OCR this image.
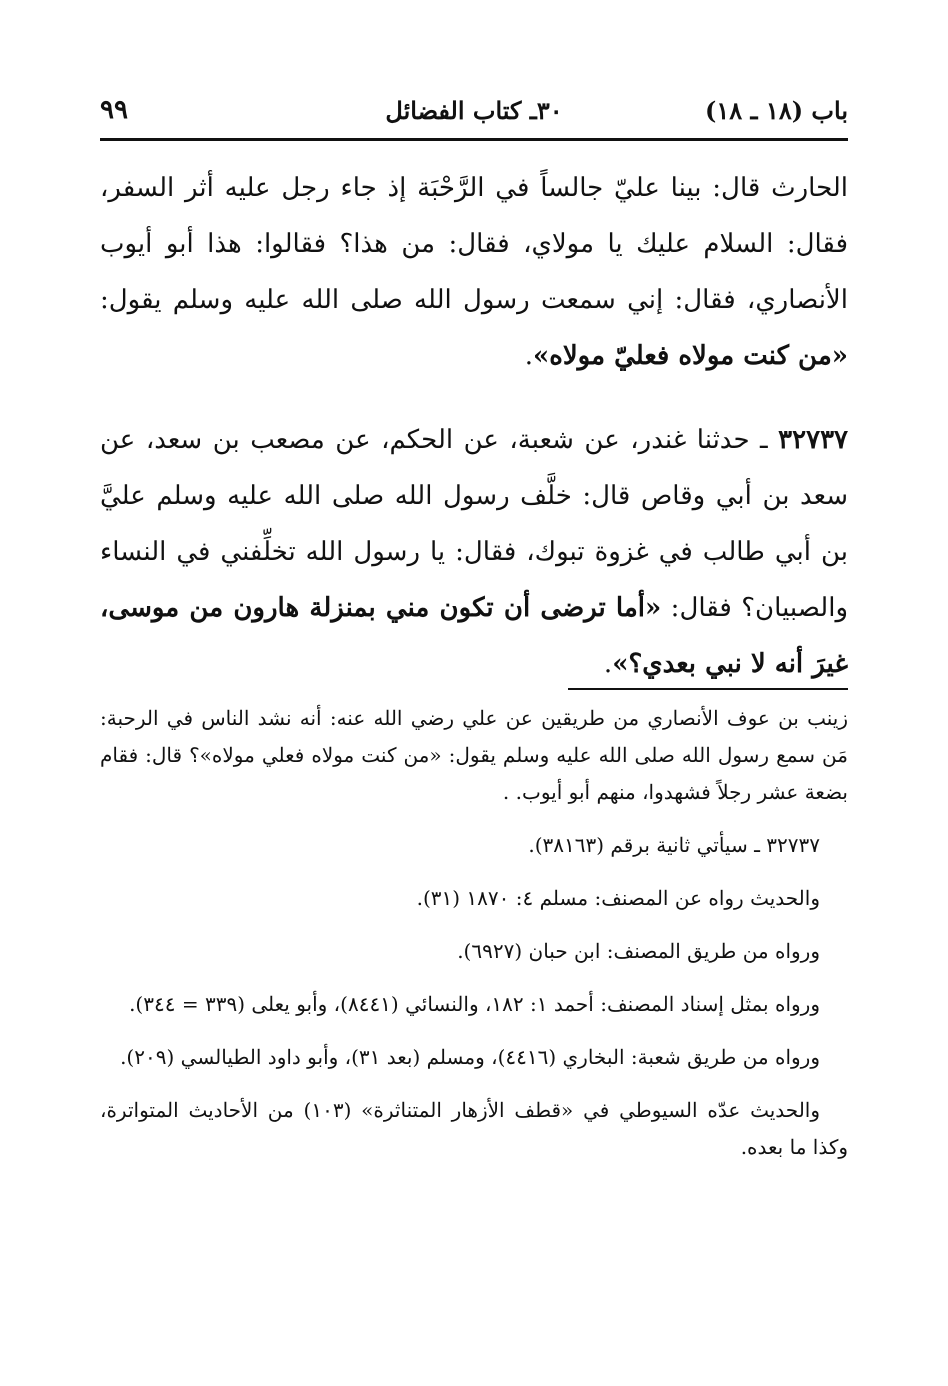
باب (١٨ ـ ١٨)
٣٠ـ كتاب الفضائل
٩٩

الحارث قال: بينا عليّ جالساً في الرَّحْبَة إذ جاء رجل عليه أثر السفر، فقال: السلام عليك يا مولاي، فقال: من هذا؟ فقالوا: هذا أبو أيوب الأنصاري، فقال: إني سمعت رسول الله صلى الله عليه وسلم يقول: «من كنت مولاه فعليّ مولاه».

٣٢٧٣٧ ـ حدثنا غندر، عن شعبة، عن الحكم، عن مصعب بن سعد، عن سعد بن أبي وقاص قال: خلَّف رسول الله صلى الله عليه وسلم عليَّ بن أبي طالب في غزوة تبوك، فقال: يا رسول الله تخلِّفني في النساء والصبيان؟ فقال: «أما ترضى أن تكون مني بمنزلة هارون من موسى، غيرَ أنه لا نبي بعدي؟».

زينب بن عوف الأنصاري من طريقين عن علي رضي الله عنه: أنه نشد الناس في الرحبة: مَن سمع رسول الله صلى الله عليه وسلم يقول: «من كنت مولاه فعلي مولاه»؟ قال: فقام بضعة عشر رجلاً فشهدوا، منهم أبو أيوب. .

٣٢٧٣٧ ـ سيأتي ثانية برقم (٣٨١٦٣).

والحديث رواه عن المصنف: مسلم ٤: ١٨٧٠ (٣١).

ورواه من طريق المصنف: ابن حبان (٦٩٢٧).

ورواه بمثل إسناد المصنف: أحمد ١: ١٨٢، والنسائي (٨٤٤١)، وأبو يعلى (٣٣٩ = ٣٤٤).

ورواه من طريق شعبة: البخاري (٤٤١٦)، ومسلم (بعد ٣١)، وأبو داود الطيالسي (٢٠٩).

والحديث عدّه السيوطي في «قطف الأزهار المتناثرة» (١٠٣) من الأحاديث المتواترة، وكذا ما بعده.
